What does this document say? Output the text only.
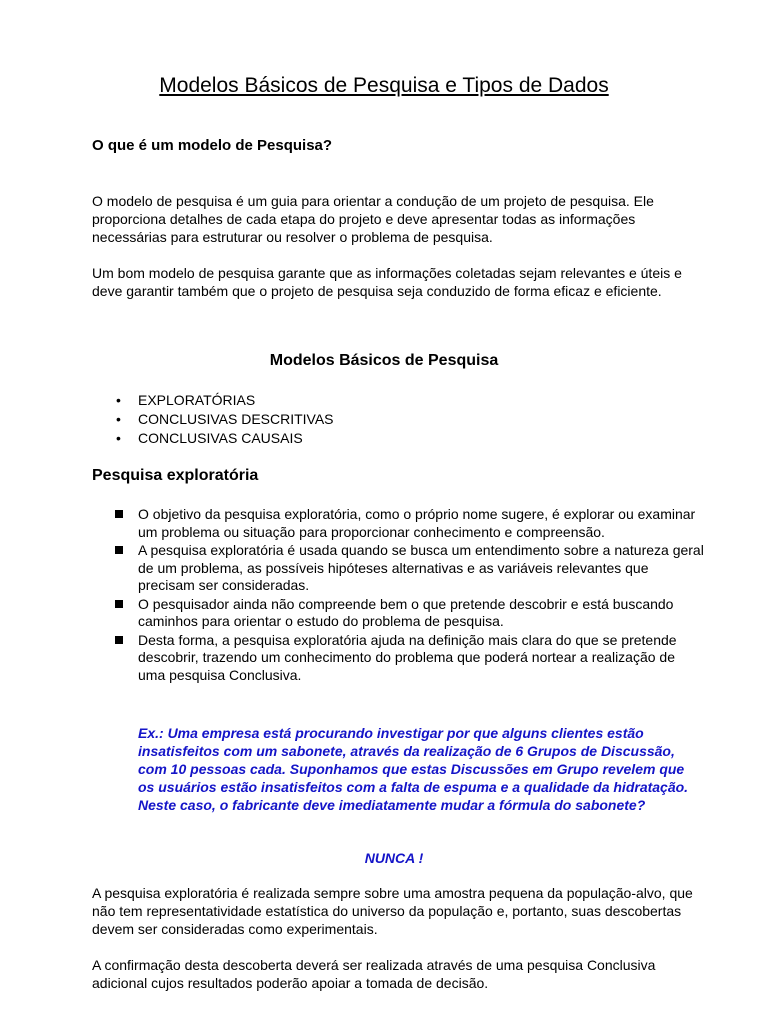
Modelos Básicos de Pesquisa e Tipos de Dados
O que é um modelo de Pesquisa?

O modelo de pesquisa é um guia para orientar a condução de um projeto de pesquisa. Ele proporciona detalhes de cada etapa do projeto e deve apresentar todas as informações necessárias para estruturar ou resolver o problema de pesquisa.

Um bom modelo de pesquisa garante que as informações coletadas sejam relevantes e úteis e deve garantir também que o projeto de pesquisa seja conduzido de forma eficaz e eficiente.

Modelos Básicos de Pesquisa
• EXPLORATÓRIAS
• CONCLUSIVAS DESCRITIVAS
• CONCLUSIVAS CAUSAIS
Pesquisa exploratória
O objetivo da pesquisa exploratória, como o próprio nome sugere, é explorar ou examinar um problema ou situação para proporcionar conhecimento e compreensão.
A pesquisa exploratória é usada quando se busca um entendimento sobre a natureza geral de um problema, as possíveis hipóteses alternativas e as variáveis relevantes que precisam ser consideradas.
O pesquisador ainda não compreende bem o que pretende descobrir e está buscando caminhos para orientar o estudo do problema de pesquisa.
Desta forma, a pesquisa exploratória ajuda na definição mais clara do que se pretende descobrir, trazendo um conhecimento do problema que poderá nortear a realização de uma pesquisa Conclusiva.

Ex.: Uma empresa está procurando investigar por que alguns clientes estão insatisfeitos com um sabonete, através da realização de 6 Grupos de Discussão, com 10 pessoas cada. Suponhamos que estas Discussões em Grupo revelem que os usuários estão insatisfeitos com a falta de espuma e a qualidade da hidratação. Neste caso, o fabricante deve imediatamente mudar a fórmula do sabonete?

NUNCA !

A pesquisa exploratória é realizada sempre sobre uma amostra pequena da população-alvo, que não tem representatividade estatística do universo da população e, portanto, suas descobertas devem ser consideradas como experimentais.

A confirmação desta descoberta deverá ser realizada através de uma pesquisa Conclusiva adicional cujos resultados poderão apoiar a tomada de decisão.
